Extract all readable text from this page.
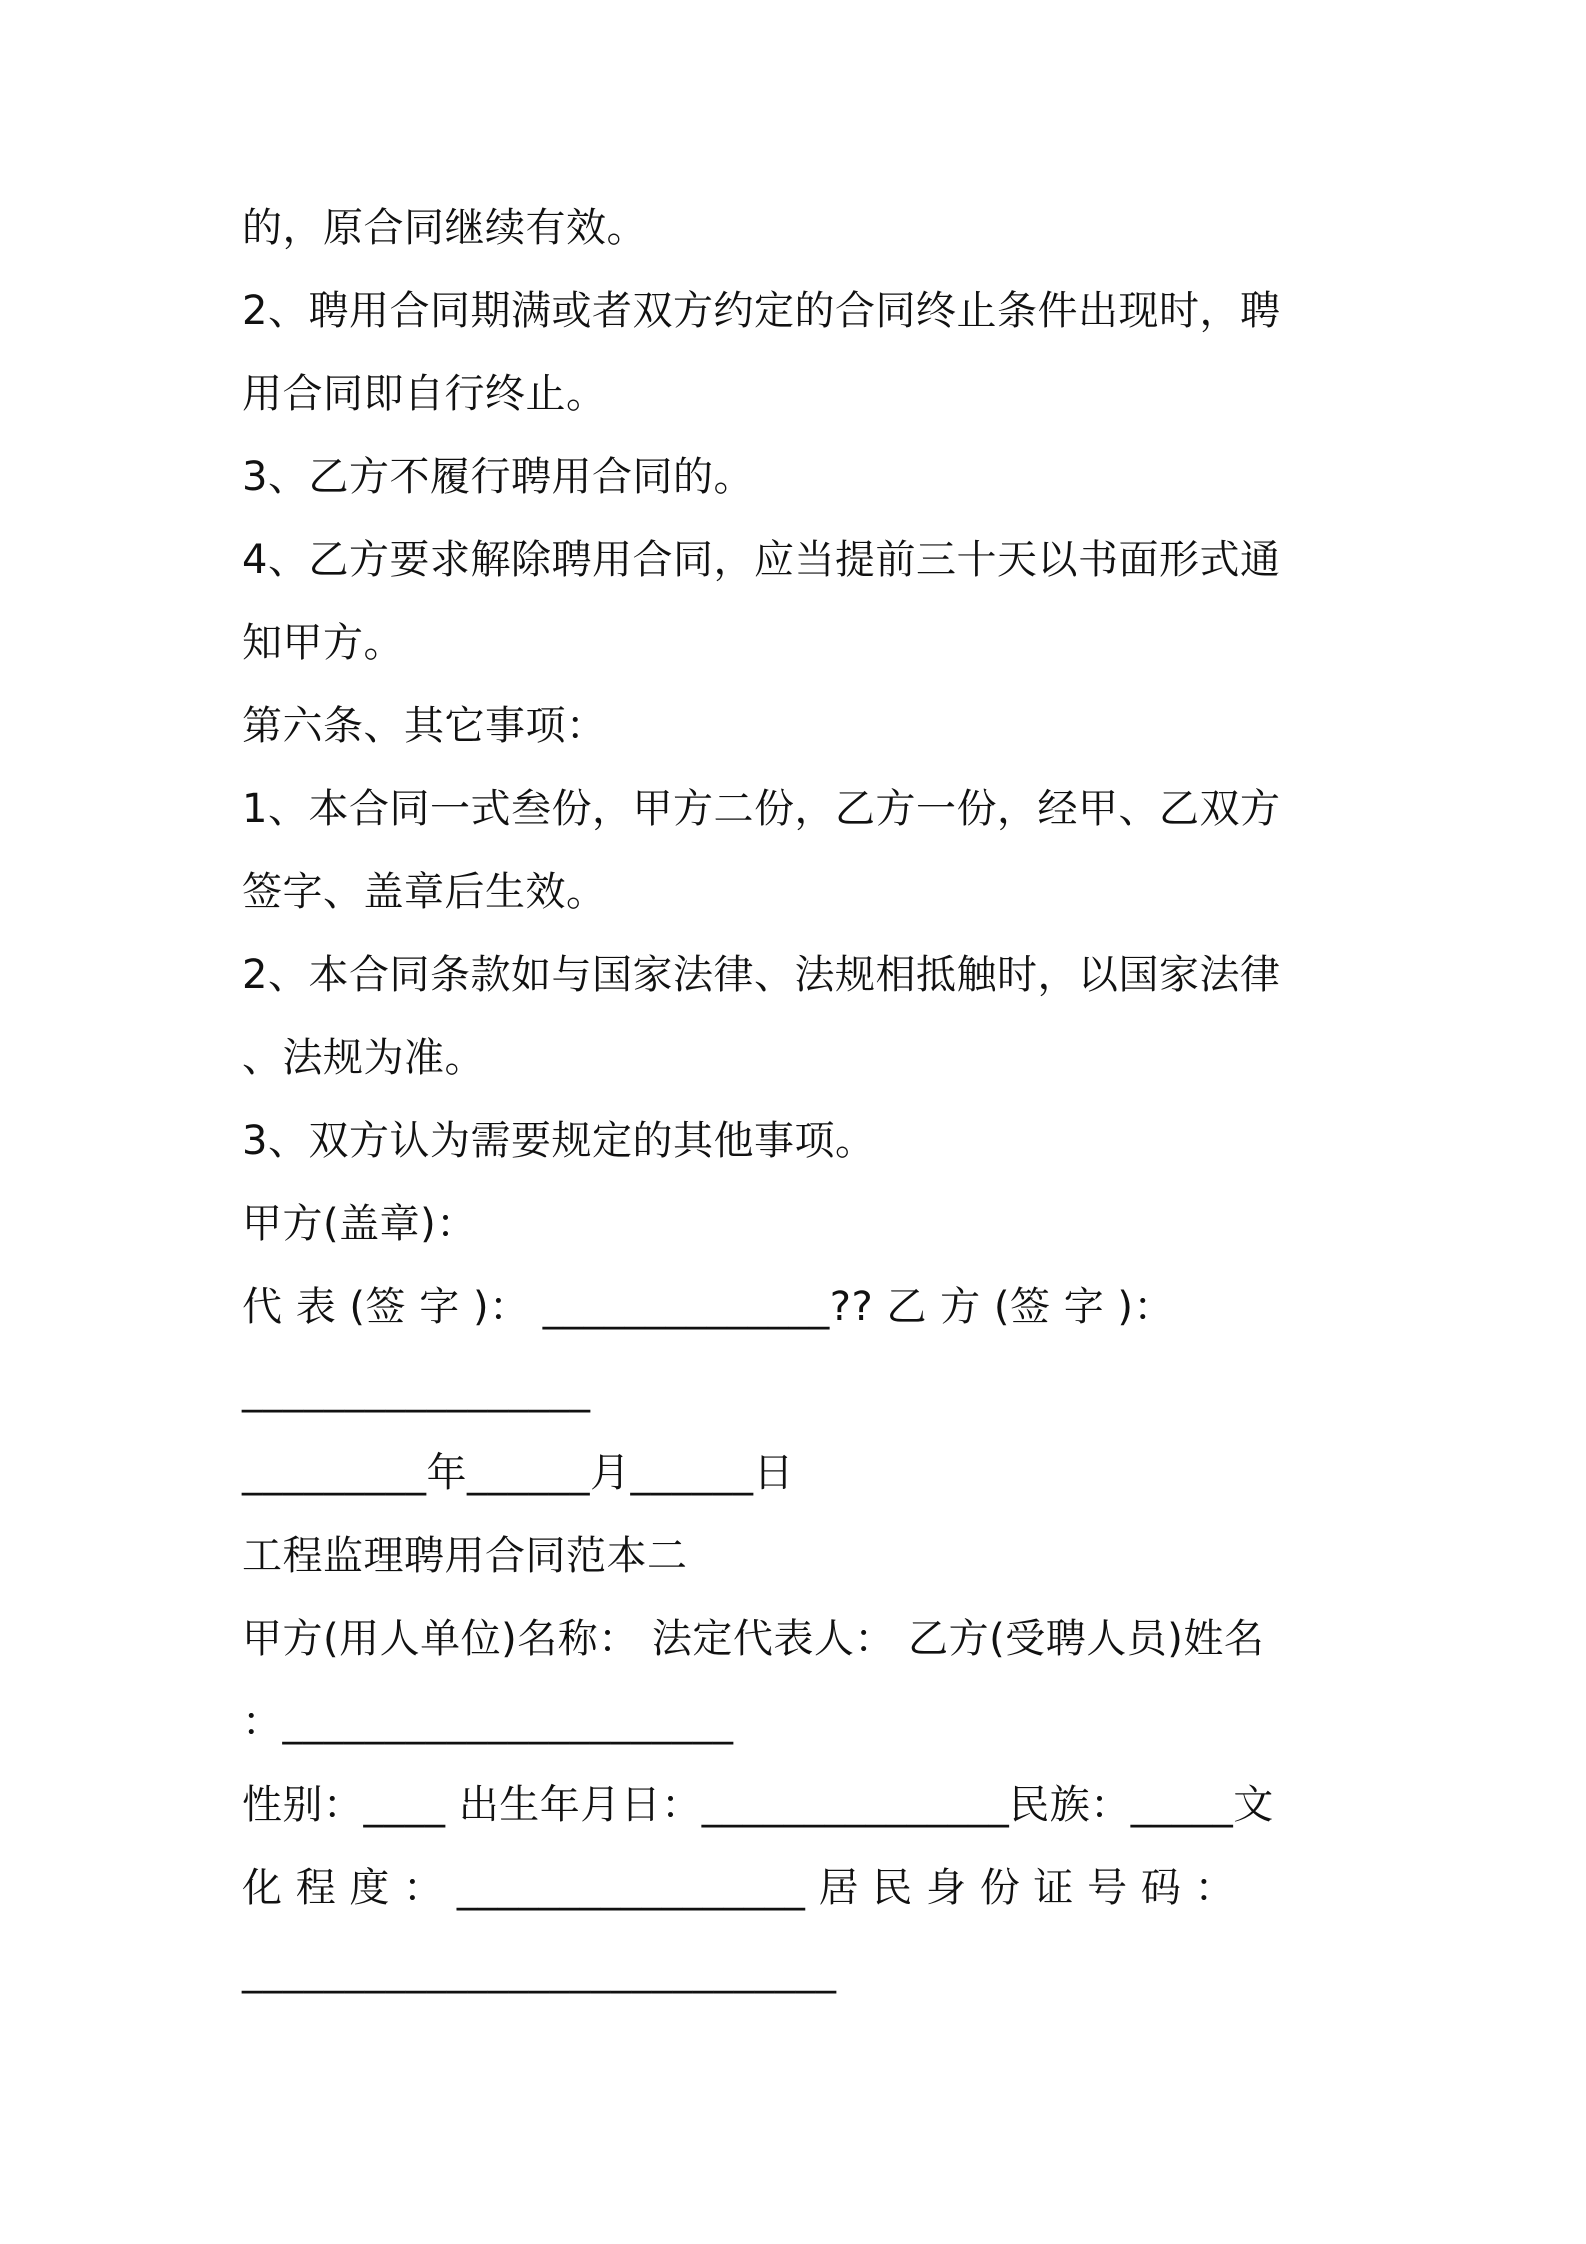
的，原合同继续有效。
2、聘用合同期满或者双方约定的合同终止条件出现时，聘
用合同即自行终止。
3、乙方不履行聘用合同的。
4、乙方要求解除聘用合同，应当提前三十天以书面形式通
知甲方。
第六条、其它事项：
1、本合同一式叁份，甲方二份，乙方一份，经甲、乙双方
签字、盖章后生效。
2、本合同条款如与国家法律、法规相抵触时，以国家法律
、法规为准。
3、双方认为需要规定的其他事项。
甲方(盖章)：
代 表 (签 字 )： ______________?? 乙 方 (签 字 )：
_________________
_________年______月______日
工程监理聘用合同范本二
甲方(用人单位)名称： 法定代表人： 乙方(受聘人员)姓名
：______________________
性别：____ 出生年月日：_______________民族：_____文
化 程 度 ： _________________ 居 民 身 份 证 号 码 ：
_____________________________
